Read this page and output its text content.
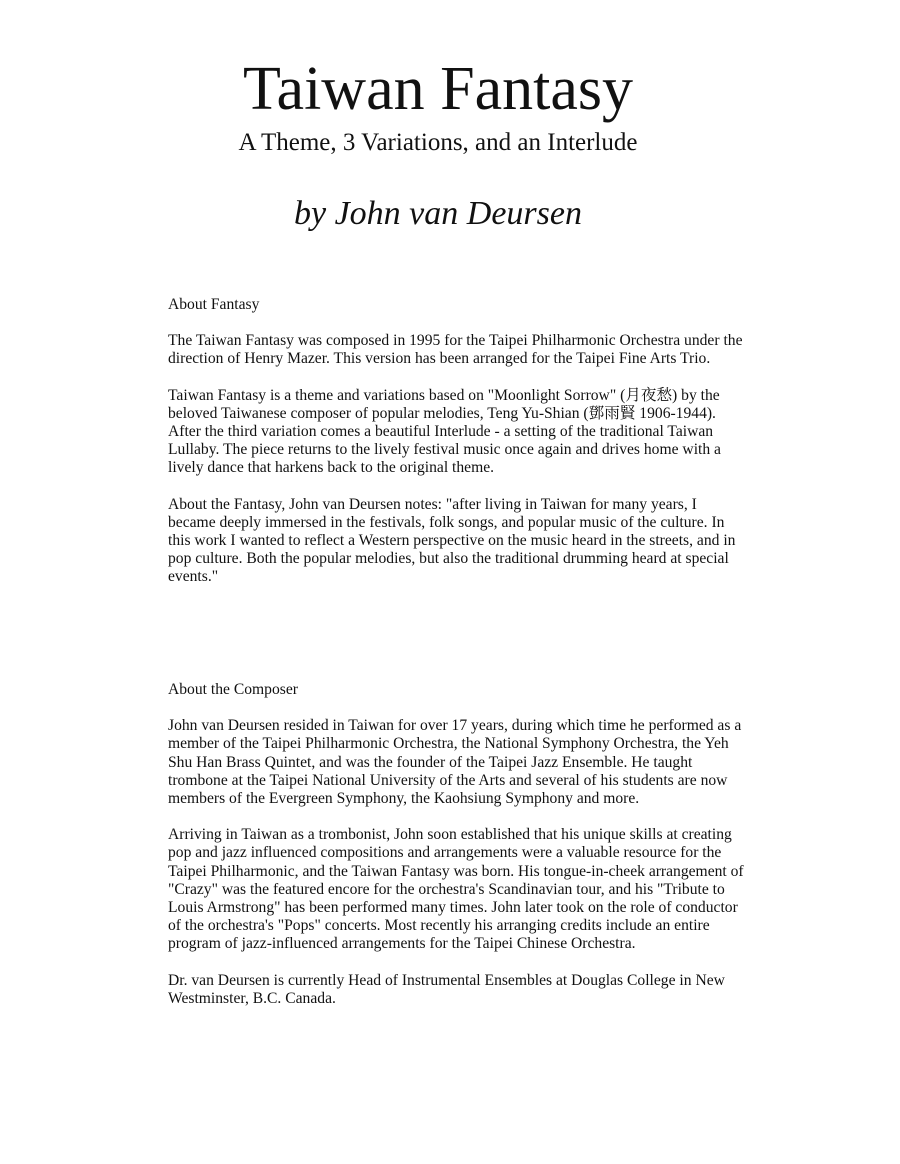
Taiwan Fantasy
A Theme, 3 Variations, and an Interlude
by John van Deursen

About Fantasy

The Taiwan Fantasy was composed in 1995 for the Taipei Philharmonic Orchestra under the direction of Henry Mazer. This version has been arranged for the Taipei Fine Arts Trio.

Taiwan Fantasy is a theme and variations based on "Moonlight Sorrow" (月夜愁) by the beloved Taiwanese composer of popular melodies, Teng Yu-Shian (鄧雨賢 1906-1944). After the third variation comes a beautiful Interlude - a setting of the traditional Taiwan Lullaby. The piece returns to the lively festival music once again and drives home with a lively dance that harkens back to the original theme.

About the Fantasy, John van Deursen notes: "after living in Taiwan for many years, I became deeply immersed in the festivals, folk songs, and popular music of the culture. In this work I wanted to reflect a Western perspective on the music heard in the streets, and in pop culture. Both the popular melodies, but also the traditional drumming heard at special events."

About the Composer

John van Deursen resided in Taiwan for over 17 years, during which time he performed as a member of the Taipei Philharmonic Orchestra, the National Symphony Orchestra, the Yeh Shu Han Brass Quintet, and was the founder of the Taipei Jazz Ensemble. He taught trombone at the Taipei National University of the Arts and several of his students are now members of the Evergreen Symphony, the Kaohsiung Symphony and more.

Arriving in Taiwan as a trombonist, John soon established that his unique skills at creating pop and jazz influenced compositions and arrangements were a valuable resource for the Taipei Philharmonic, and the Taiwan Fantasy was born. His tongue-in-cheek arrangement of "Crazy" was the featured encore for the orchestra's Scandinavian tour, and his "Tribute to Louis Armstrong" has been performed many times. John later took on the role of conductor of the orchestra's "Pops" concerts. Most recently his arranging credits include an entire program of jazz-influenced arrangements for the Taipei Chinese Orchestra.

Dr. van Deursen is currently Head of Instrumental Ensembles at Douglas College in New Westminster, B.C. Canada.
